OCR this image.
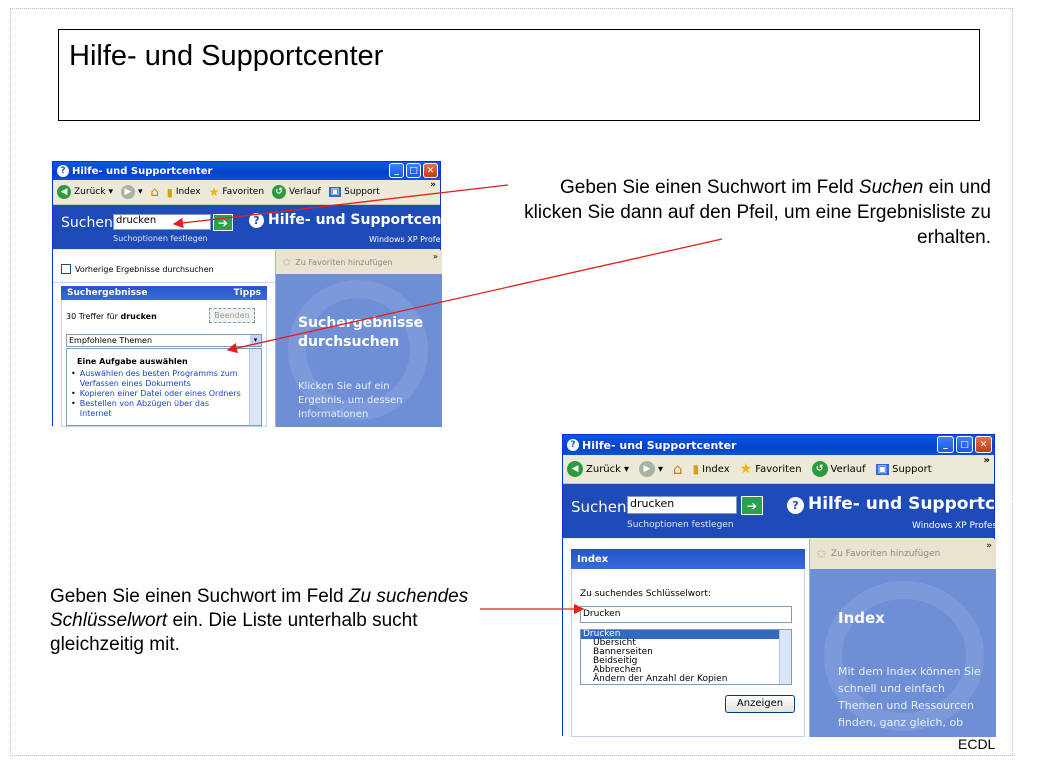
Hilfe- und Supportcenter
? Hilfe- und Supportcenter	_	□ ✕
◀ Zurück ▾	▶ ▾ ⌂ ▮ Index ★ Favoriten	↺ Verlauf ▣ Support
»
Suchen drucken	➔
Suchoptionen festlegen
? Hilfe- und Supportcente
Windows XP Professio
Vorherige Ergebnisse durchsuchen
Suchergebnisse	Tipps
30 Treffer für drucken	Beenden
Empfohlene Themen	▾
Eine Aufgabe auswählen
• Auswählen des besten Programms zum Verfassen eines Dokuments
• Kopieren einer Datei oder eines Ordners
• Bestellen von Abzügen über das Internet
✩ Zu Favoriten hinzufügen
»
Suchergebnisse durchsuchen
Klicken Sie auf ein Ergebnis, um dessen Informationen
? Hilfe- und Supportcenter	_	□	✕
◀ Zurück ▾	▶ ▾ ⌂ ▮ Index ★ Favoriten	↺ Verlauf ▣ Support
»
Suchen drucken	➔
Suchoptionen festlegen
? Hilfe- und Supportcente
Windows XP Professio
Index
Zu suchendes Schlüsselwort:
Drucken
Drucken
Übersicht
Bannerseiten
Beidseitig
Abbrechen
Ändern der Anzahl der Kopien
Anzeigen
✩ Zu Favoriten hinzufügen
»
Index
Mit dem Index können Sie schnell und einfach Themen und Ressourcen finden, ganz gleich, ob
Geben Sie einen Suchwort im Feld Suchen ein und klicken Sie dann auf den Pfeil, um eine Ergebnisliste zu erhalten.
Geben Sie einen Suchwort im Feld Zu suchendes Schlüsselwort ein. Die Liste unterhalb sucht gleichzeitig mit.
ECDL
